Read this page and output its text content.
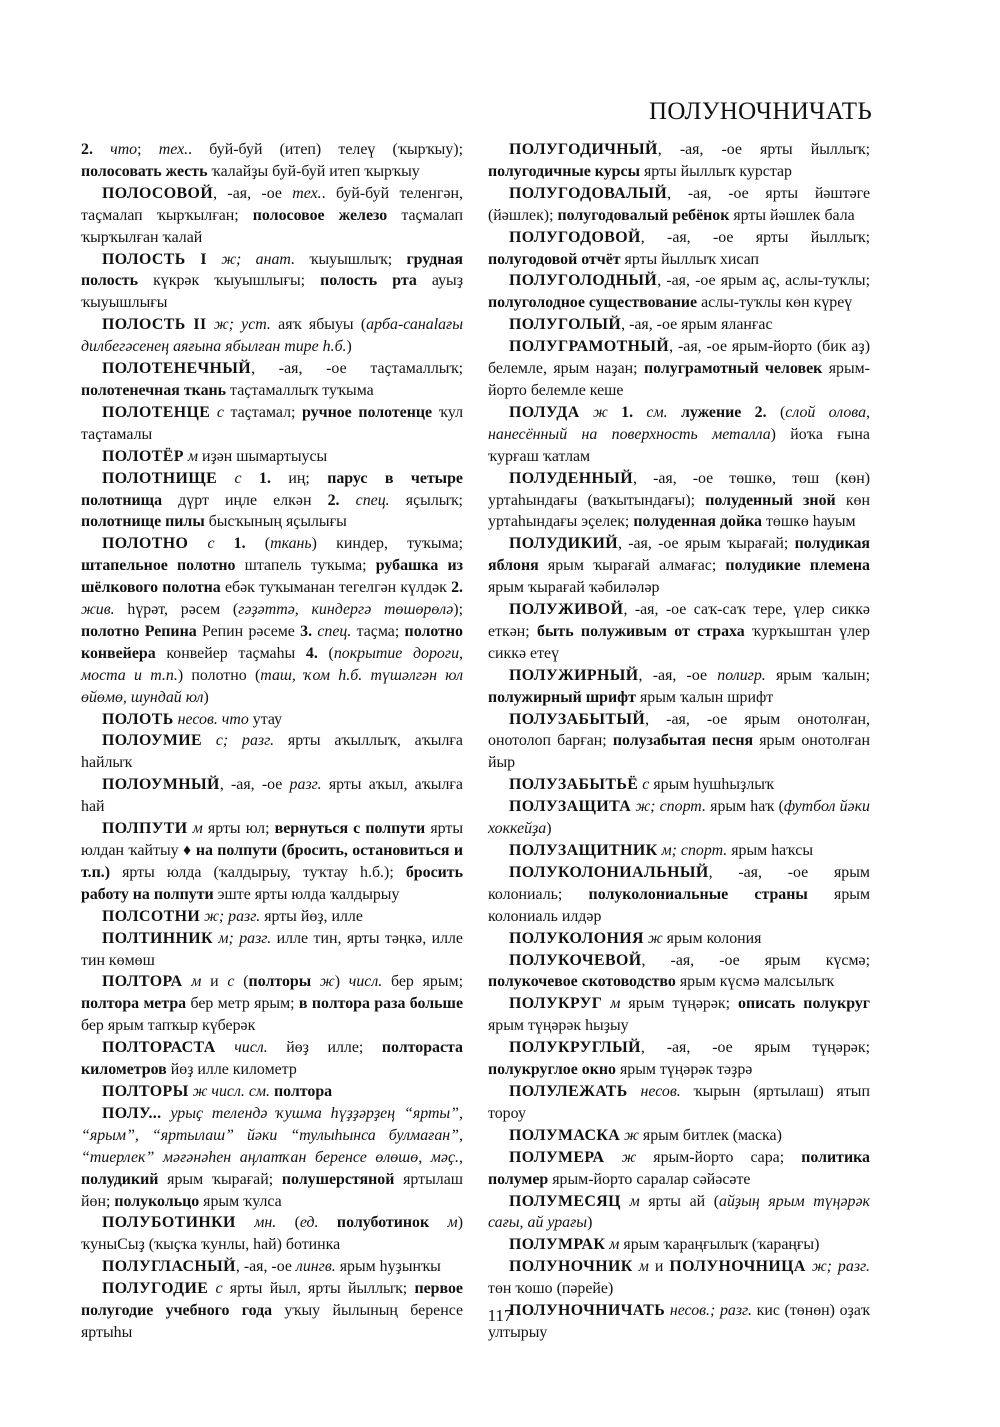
ПОЛУНОЧНИЧАТЬ

2. что; тех.. буй-буй (итеп) телеү (ҡырҡыу); полосовать жесть ҡалайҙы буй-буй итеп ҡырҡыу

ПОЛОСОВОЙ, -ая, -ое тех.. буй-буй теленгән, таҫмалап ҡырҡылған; полосовое железо таҫмалап ҡырҡылған ҡалай

ПОЛОСТЬ I ж; анат. ҡыуышлыҡ; грудная полость күкрәк ҡыуышлығы; полость рта ауыҙ ҡыуышлығы

ПОЛОСТЬ II ж; уст. аяҡ ябыуы (арба-санаlағы дилбегәсенең аяғына ябылған тире һ.б.)

ПОЛОТЕНЕЧНЫЙ, -ая, -ое таҫтамаллыҡ; полотенечная ткань таҫтамаллыҡ туҡыма

ПОЛОТЕНЦЕ с таҫтамал; ручное полотенце ҡул таҫтамалы

ПОЛОТЁР м иҙән шымартыусы

ПОЛОТНИЩЕ с 1. иң; парус в четыре полотнища дүрт иңле елкән 2. спец. яҫылыҡ; полотнище пилы бысҡының яҫылығы

ПОЛОТНО с 1. (ткань) киндер, туҡыма; штапельное полотно штапель туҡыма; рубашка из шёлкового полотна ебәк туҡыманан тегелгән күлдәк 2. жив. һүрәт, рәсем (гәҙәттә, киндергә төшөрөлә); полотно Репина Репин рәсеме 3. спец. таҫма; полотно конвейера конвейер таҫмаһы 4. (покрытие дороги, моста и т.п.) полотно (таш, ҡом һ.б. түшәлгән юл өйөмө, шундай юл)

ПОЛОТЬ несов. что утау

ПОЛОУМИЕ с; разг. ярты аҡыллыҡ, аҡылға һайлыҡ

ПОЛОУМНЫЙ, -ая, -ое разг. ярты аҡыл, аҡылға һай

ПОЛПУТИ м ярты юл; вернуться с полпути ярты юлдан ҡайтыу ♦ на полпути (бросить, остановиться и т.п.) ярты юлда (ҡалдырыу, туҡтау һ.б.); бросить работу на полпути эште ярты юлда ҡалдырыу

ПОЛСОТНИ ж; разг. ярты йөҙ, илле

ПОЛТИННИК м; разг. илле тин, ярты тәңкә, илле тин көмөш

ПОЛТОРА м и с (полторы ж) числ. бер ярым; полтора метра бер метр ярым; в полтора раза больше бер ярым тапҡыр күберәк

ПОЛТОРАСТА числ. йөҙ илле; полтораста километров йөҙ илле километр

ПОЛТОРЫ ж числ. см. полтора

ПОЛУ... урыҫ телендә ҡушма һүҙҙәрҙең “ярты”, “ярым”, “яртылаш” йәки “тулыһынса булмаған”, “тиерлек” мәғәнәһен аңлатҡан беренсе өлөшө, мәҫ., полудикий ярым ҡырағай; полушерстяной яртылаш йөн; полукольцо ярым ҡулса

ПОЛУБОТИНКИ мн. (ед. полуботинок м) ҡуныСыҙ (ҡыҫҡа ҡунлы, һай) ботинка

ПОЛУГЛАСНЫЙ, -ая, -ое лингв. ярым һуҙынҡы

ПОЛУГОДИЕ с ярты йыл, ярты йыллыҡ; первое полугодие учебного года уҡыу йылының беренсе яртыһы

ПОЛУГОДИЧНЫЙ, -ая, -ое ярты йыллыҡ; полугодичные курсы ярты йыллыҡ курстар

ПОЛУГОДОВАЛЫЙ, -ая, -ое ярты йәштәге (йәшлек); полугодовалый ребёнок ярты йәшлек бала

ПОЛУГОДОВОЙ, -ая, -ое ярты йыллыҡ; полугодовой отчёт ярты йыллыҡ хисап

ПОЛУГОЛОДНЫЙ, -ая, -ое ярым аҫ, аслы-туҡлы; полуголодное существование аслы-туҡлы көн күреү

ПОЛУГОЛЫЙ, -ая, -ое ярым яланғас

ПОЛУГРАМОТНЫЙ, -ая, -ое ярым-йорто (бик аҙ) белемле, ярым наҙан; полуграмотный человек ярым-йорто белемле кеше

ПОЛУДА ж 1. см. лужение 2. (слой олова, нанесённый на поверхность металла) йоҡа ғына ҡурғаш ҡатлам

ПОЛУДЕННЫЙ, -ая, -ое төшкө, төш (көн) уртаһындағы (ваҡытындағы); полуденный зной көн уртаһындағы эҫелек; полуденная дойка төшкө һауым

ПОЛУДИКИЙ, -ая, -ое ярым ҡырағай; полудикая яблоня ярым ҡырағай алмағас; полудикие племена ярым ҡырағай ҡәбиләләр

ПОЛУЖИВОЙ, -ая, -ое саҡ-саҡ тере, үлер сиккә еткән; быть полуживым от страха ҡурҡыштан үлер сиккә етеү

ПОЛУЖИРНЫЙ, -ая, -ое полигр. ярым ҡалын; полужирный шрифт ярым ҡалын шрифт

ПОЛУЗАБЫТЫЙ, -ая, -ое ярым онотолған, онотолоп барған; полузабытая песня ярым онотолған йыр

ПОЛУЗАБЫТЬЁ с ярым һушһыҙлыҡ

ПОЛУЗАЩИТА ж; спорт. ярым һаҡ (футбол йәки хоккейҙа)

ПОЛУЗАЩИТНИК м; спорт. ярым һаҡсы

ПОЛУКОЛОНИАЛЬНЫЙ, -ая, -ое ярым колониаль; полуколониальные страны ярым колониаль илдәр

ПОЛУКОЛОНИЯ ж ярым колония

ПОЛУКОЧЕВОЙ, -ая, -ое ярым күсмә; полукочевое скотоводство ярым күсмә малсылыҡ

ПОЛУКРУГ м ярым түңәрәк; описать полукруг ярым түңәрәк һыҙыу

ПОЛУКРУГЛЫЙ, -ая, -ое ярым түңәрәк; полукруглое окно ярым түңәрәк тәҙрә

ПОЛУЛЕЖАТЬ несов. ҡырын (яртылаш) ятып тороу

ПОЛУМАСКА ж ярым битлек (маска)

ПОЛУМЕРА ж ярым-йорто сара; политика полумер ярым-йорто саралар сәйәсәте

ПОЛУМЕСЯЦ м ярты ай (айҙың ярым түңәрәк сағы, ай урағы)

ПОЛУМРАК м ярым ҡараңғылыҡ (ҡараңғы)

ПОЛУНОЧНИК м и ПОЛУНОЧНИЦА ж; разг. төн ҡошо (пәрейе)

ПОЛУНОЧНИЧАТЬ несов.; разг. кис (төнөн) оҙаҡ ултырыу

117
